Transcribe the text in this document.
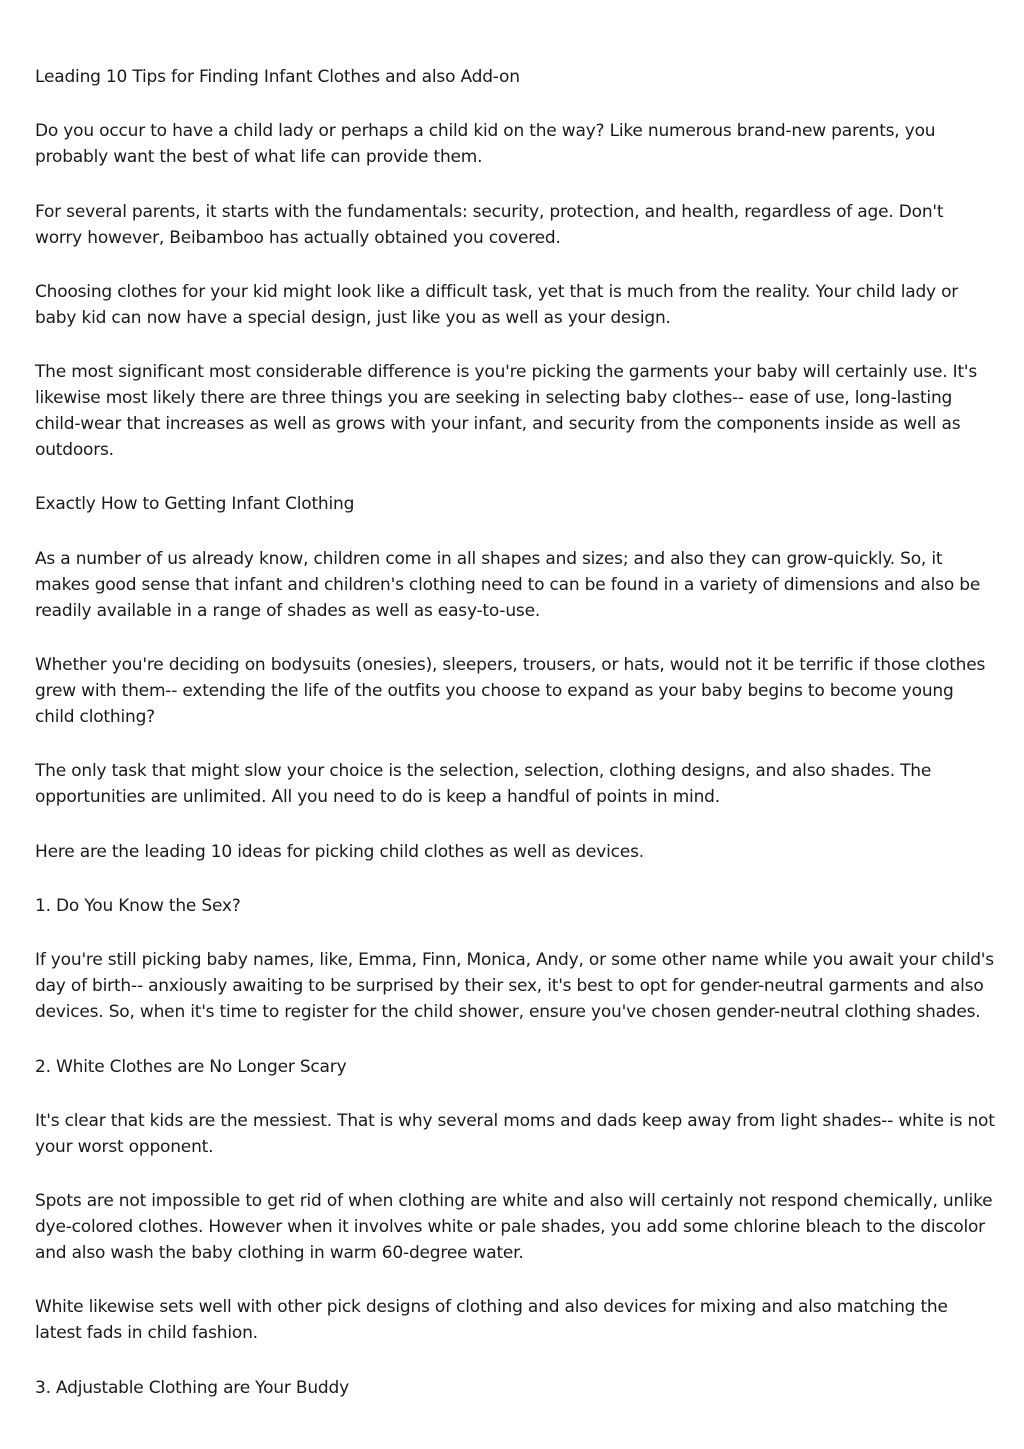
Leading 10 Tips for Finding Infant Clothes and also Add-on

Do you occur to have a child lady or perhaps a child kid on the way? Like numerous brand-new parents, you probably want the best of what life can provide them.

For several parents, it starts with the fundamentals: security, protection, and health, regardless of age. Don't worry however, Beibamboo has actually obtained you covered.

Choosing clothes for your kid might look like a difficult task, yet that is much from the reality. Your child lady or baby kid can now have a special design, just like you as well as your design.

The most significant most considerable difference is you're picking the garments your baby will certainly use. It's likewise most likely there are three things you are seeking in selecting baby clothes-- ease of use, long-lasting child-wear that increases as well as grows with your infant, and security from the components inside as well as outdoors.

Exactly How to Getting Infant Clothing

As a number of us already know, children come in all shapes and sizes; and also they can grow-quickly. So, it makes good sense that infant and children's clothing need to can be found in a variety of dimensions and also be readily available in a range of shades as well as easy-to-use.

Whether you're deciding on bodysuits (onesies), sleepers, trousers, or hats, would not it be terrific if those clothes grew with them-- extending the life of the outfits you choose to expand as your baby begins to become young child clothing?

The only task that might slow your choice is the selection, selection, clothing designs, and also shades. The opportunities are unlimited. All you need to do is keep a handful of points in mind.

Here are the leading 10 ideas for picking child clothes as well as devices.

1. Do You Know the Sex?

If you're still picking baby names, like, Emma, Finn, Monica, Andy, or some other name while you await your child's day of birth-- anxiously awaiting to be surprised by their sex, it's best to opt for gender-neutral garments and also devices. So, when it's time to register for the child shower, ensure you've chosen gender-neutral clothing shades.

2. White Clothes are No Longer Scary

It's clear that kids are the messiest. That is why several moms and dads keep away from light shades-- white is not your worst opponent.

Spots are not impossible to get rid of when clothing are white and also will certainly not respond chemically, unlike dye-colored clothes. However when it involves white or pale shades, you add some chlorine bleach to the discolor and also wash the baby clothing in warm 60-degree water.

White likewise sets well with other pick designs of clothing and also devices for mixing and also matching the latest fads in child fashion.

3. Adjustable Clothing are Your Buddy
